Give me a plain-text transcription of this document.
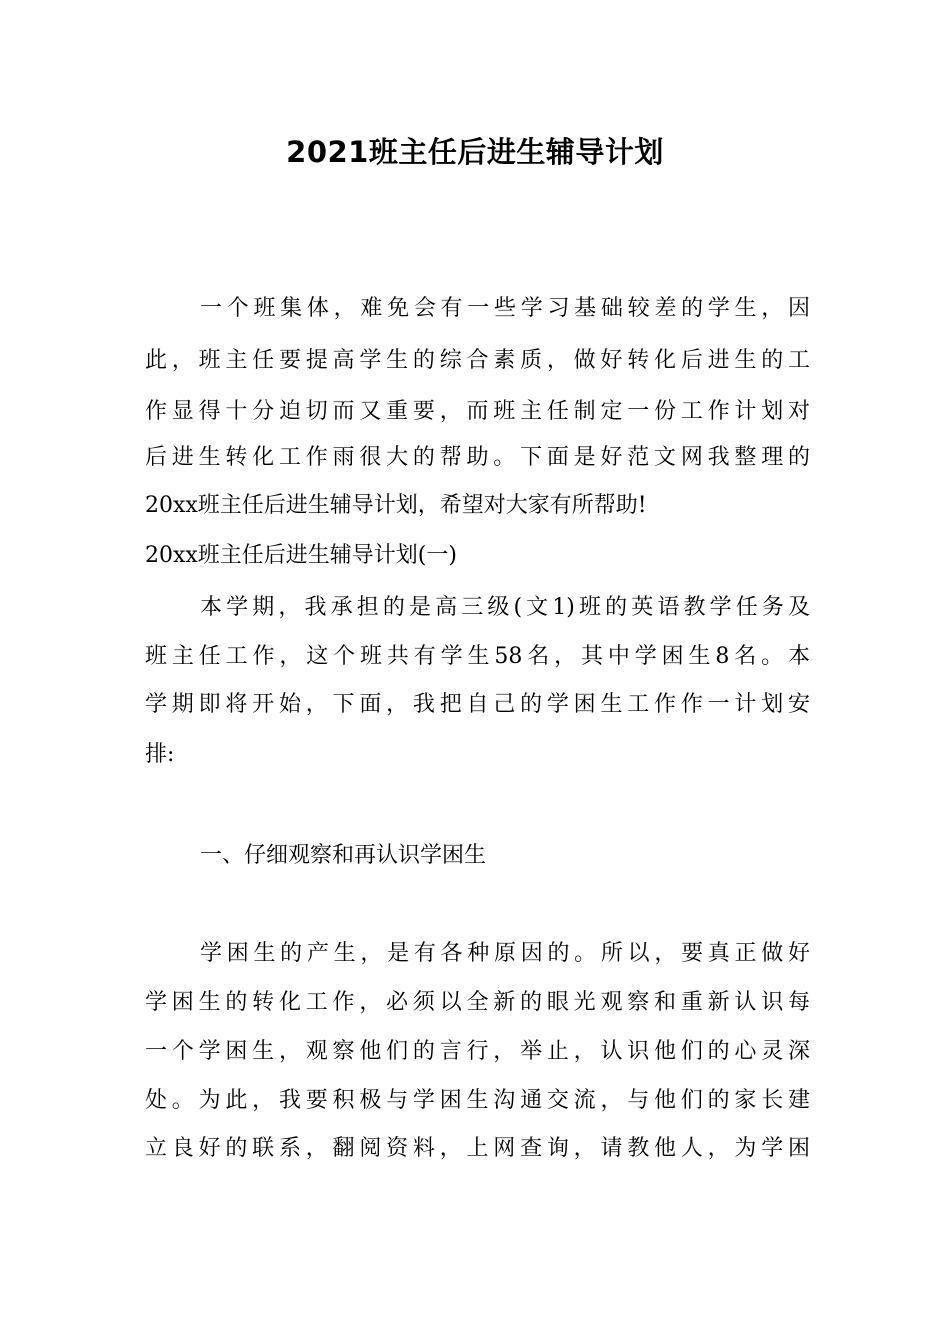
2021班主任后进生辅导计划
一个班集体，难免会有一些学习基础较差的学生，因
此，班主任要提高学生的综合素质，做好转化后进生的工
作显得十分迫切而又重要，而班主任制定一份工作计划对
后进生转化工作雨很大的帮助。下面是好范文网我整理的
20xx班主任后进生辅导计划，希望对大家有所帮助!
20xx班主任后进生辅导计划(一)
本学期，我承担的是高三级(文1)班的英语教学任务及
班主任工作，这个班共有学生58名，其中学困生8名。本
学期即将开始，下面，我把自己的学困生工作作一计划安
排:
一、仔细观察和再认识学困生
学困生的产生，是有各种原因的。所以，要真正做好
学困生的转化工作，必须以全新的眼光观察和重新认识每
一个学困生，观察他们的言行，举止，认识他们的心灵深
处。为此，我要积极与学困生沟通交流，与他们的家长建
立良好的联系，翻阅资料，上网查询，请教他人，为学困
